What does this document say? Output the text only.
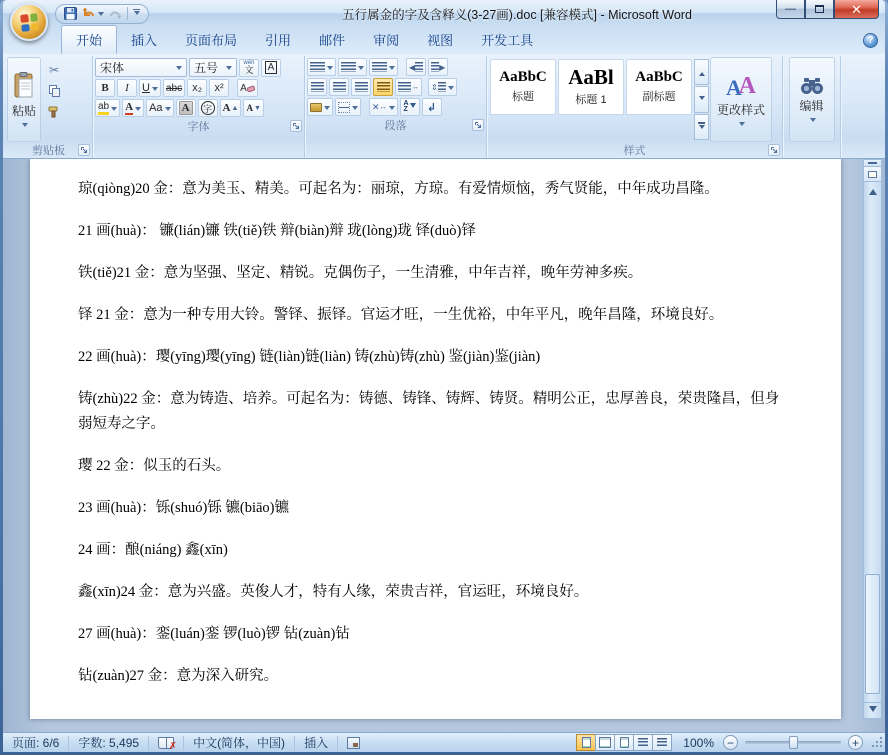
五行属金的字及含释义(3-27画).doc [兼容模式] - Microsoft Word	—	✕
开始	插入	页面布局	引用	邮件	审阅	视图	开发工具	?
粘贴
✂
剪贴板
宋体	五号	wén
文	A
B	I	U abc x₂	x²	A
ab A Aa A	字 A ▲ A ▼
字体
◀	▶
↔ ⇕
✕ ↔ A
Z ↲
段落
AaBbC
标题
AaBl
标题 1
AaBbC
副标题 A
A
更改样式
样式
编辑

琼(qiòng)20 金：意为美玉、精美。可起名为：丽琼，方琼。有爱情烦恼，秀气贤能，中年成功昌隆。

21 画(huà)： 镰(lián)镰 铁(tiě)铁 辩(biàn)辩 珑(lòng)珑 铎(duò)铎

铁(tiě)21 金：意为坚强、坚定、精锐。克偶伤子，一生清雅，中年吉祥，晚年劳神多疾。

铎 21 金：意为一种专用大铃。警铎、振铎。官运才旺，一生优裕，中年平凡，晚年昌隆，环境良好。

22 画(huà)：璎(yīng)璎(yīng) 链(liàn)链(liàn) 铸(zhù)铸(zhù) 鉴(jiàn)鉴(jiàn)

铸(zhù)22 金：意为铸造、培养。可起名为：铸德、铸锋、铸辉、铸贤。精明公正，忠厚善良，荣贵隆昌，但身弱短寿之字。

璎 22 金：似玉的石头。

23 画(huà)：铄(shuó)铄 镳(biāo)镳

24 画：酿(niáng) 鑫(xīn)

鑫(xīn)24 金：意为兴盛。英俊人才，特有人缘，荣贵吉祥，官运旺，环境良好。

27 画(huà)：銮(luán)銮 锣(luò)锣 钻(zuàn)钻

钻(zuàn)27 金：意为深入研究。

页面: 6/6	字数: 5,495	✗	中文(简体，中国)	插入	100%	−	+
